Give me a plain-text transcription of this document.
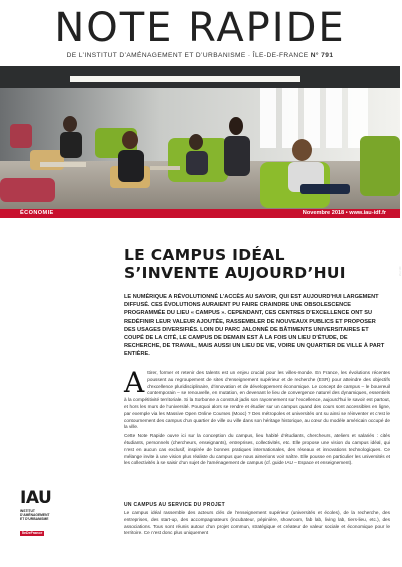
NOTE RAPIDE
DE L’INSTITUT D’AMÉNAGEMENT ET D’URBANISME · ÎLE-DE-FRANCE N° 791
IAU îdF
ÉCONOMIE	Novembre 2018 • www.iau-idf.fr
LE CAMPUS IDÉAL
S’INVENTE AUJOURD’HUI
LE NUMÉRIQUE A RÉVOLUTIONNÉ L’ACCÈS AU SAVOIR, QUI EST AUJOURD’HUI LARGEMENT DIFFUSÉ. CES ÉVOLUTIONS AURAIENT PU FAIRE CRAINDRE UNE OBSOLESCENCE PROGRAMMÉE DU LIEU « CAMPUS ». CEPENDANT, CES CENTRES D’EXCELLENCE ONT SU REDÉFINIR LEUR VALEUR AJOUTÉE, RASSEMBLER DE NOUVEAUX PUBLICS ET PROPOSER DES USAGES DIVERSIFIÉS. LOIN DU PARC JALONNÉ DE BÂTIMENTS UNIVERSITAIRES ET COUPÉ DE LA CITÉ, LE CAMPUS DE DEMAIN EST À LA FOIS UN LIEU D’ÉTUDE, DE RECHERCHE, DE TRAVAIL, MAIS AUSSI UN LIEU DE VIE, VOIRE UN QUARTIER DE VILLE À PART ENTIÈRE.

Attirer, former et retenir des talents est un enjeu crucial pour les villes-monde. En France, les évolutions récentes poussent au regroupement de sites d’enseignement supérieur et de recherche (ESR) pour atteindre des objectifs d’excellence pluridisciplinaire, d’innovation et de développement économique. Le concept de campus – le bouvreuil contemporain – se renouvelle, en mutation, en devenant le lieu de convergence naturel des dynamiques, essentiels à la compétitivité territoriale. Si la Sorbonne a construit jadis son rayonnement sur l’excellence, aujourd’hui le savoir est partout, et hors les murs de l’université. Pourquoi alors se rendre et étudier sur un campus quand des cours sont accessibles en ligne, par exemple via les Massive Open Online Courses (Mooc) ? Des métropoles et universités ont su ainsi se réinventer et c’est le contournement des campus d’un quartier de ville ou ville dans son héritage historique, au cœur du modèle américain occupé de la ville.

Cette Note Rapide ouvre ici sur la conception du campus, lieu habité d’étudiants, chercheurs, ateliers et salariés : cités étudiants, personnels (chercheurs, enseignants), entreprises, collectivités, etc. Elle propose une vision du campus idéal, qui n’est en aucun cas exclusif, inspirée de bonnes pratiques internationales, des réseaux et innovations technologiques. Ce mélange invite à une vision plus réaliste du campus que nous aimerions voir naître. Elle pousse en particulier les universités et les collectivités à se saisir d’un sujet de l’aménagement de campus (cf. guide IAU – Espace et enseignement).

UN CAMPUS AU SERVICE DU PROJET
Le campus idéal rassemble des acteurs clés de l’enseignement supérieur (universités et écoles), de la recherche, des entreprises, des start-up, des accompagnateurs (incubateur, pépinière, showroom, fab lab, living lab, tiers-lieu, etc.), des associations. Tous sont réunis autour d’un projet commun, stratégique et créateur de valeur sociale et économique pour le territoire. Ce n’est donc plus uniquement
IAU
INSTITUT
D’AMÉNAGEMENT
ET D’URBANISME
ÎleDeFrance
